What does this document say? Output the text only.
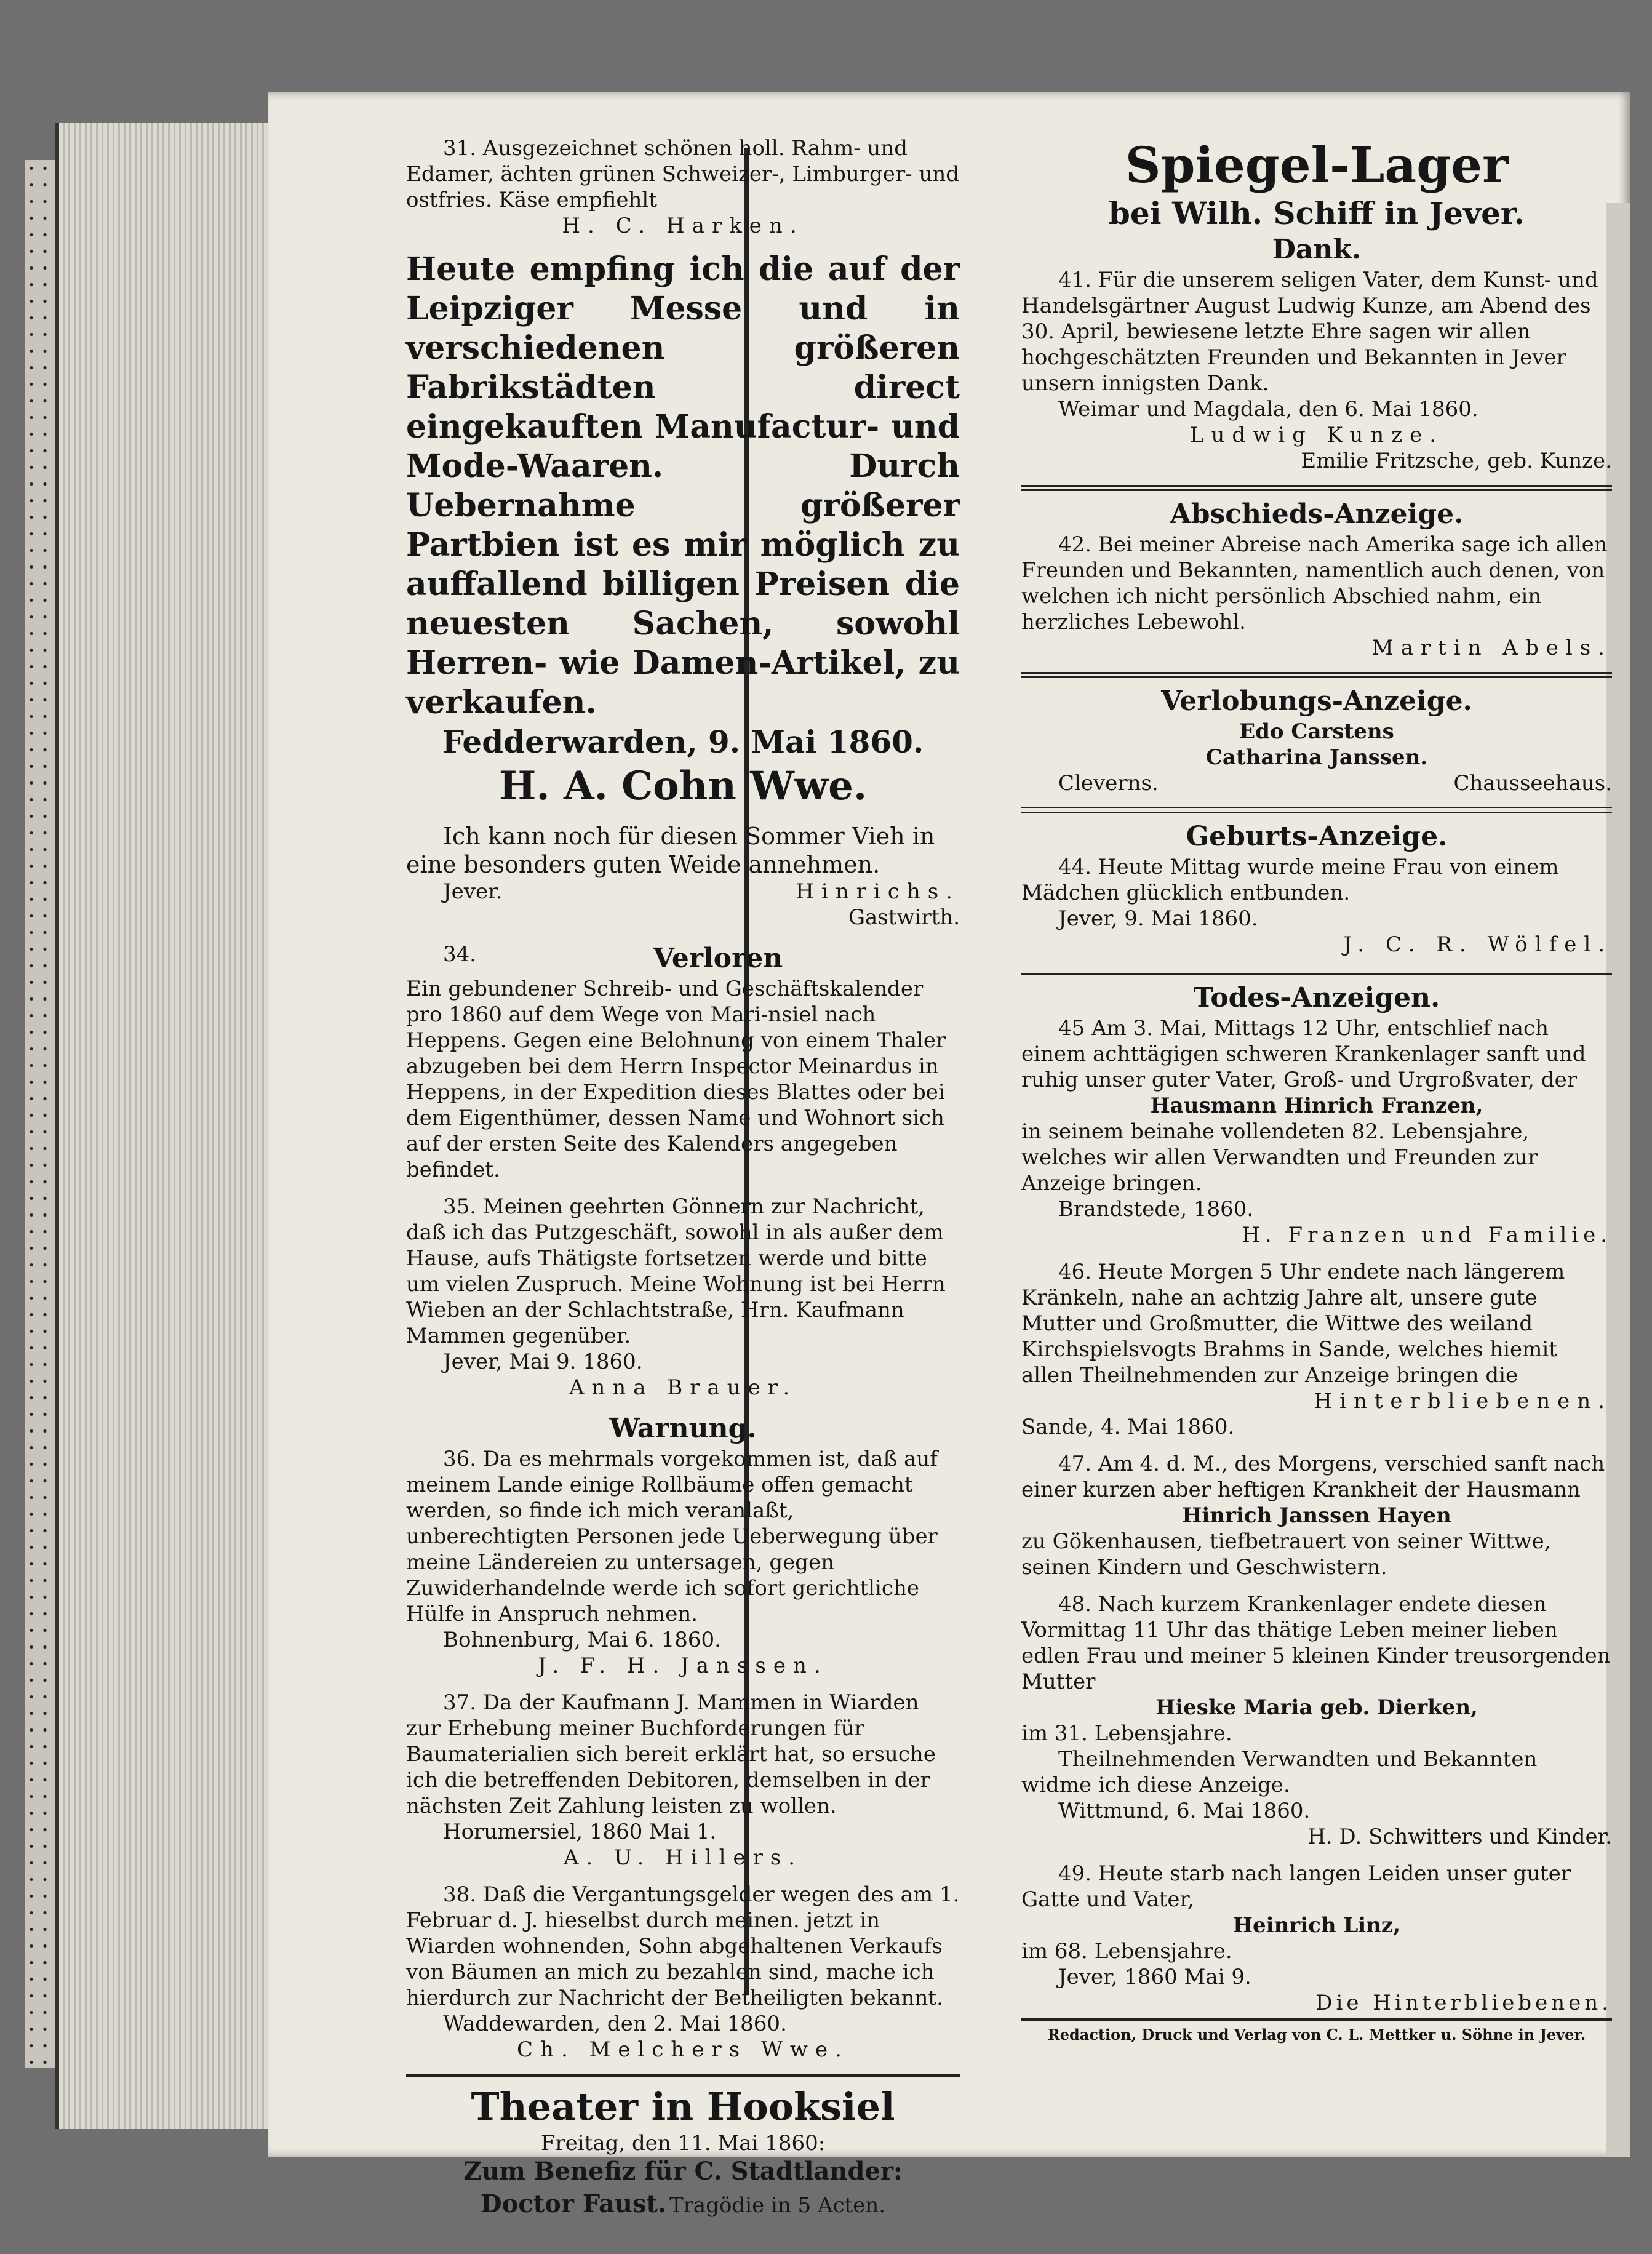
31. Ausgezeichnet schönen holl. Rahm- und Edamer, ächten grünen Schweizer-, Limburger- und ostfries. Käse empfiehlt

H. C. Harken.

Heute empfing ich die auf der Leipziger Messe und in verschiedenen größeren Fabrikstädten direct eingekauften Manufactur- und Mode-Waaren. Durch Uebernahme größerer Partbien ist es mir möglich zu auffallend billigen Preisen die neuesten Sachen, sowohl Herren- wie Damen-Artikel, zu verkaufen.

Fedderwarden, 9. Mai 1860.

H. A. Cohn Wwe.

Ich kann noch für diesen Sommer Vieh in eine besonders guten Weide annehmen.

Jever.	Hinrichs.

Gastwirth.

34.	Verloren

Ein gebundener Schreib- und Geschäftskalender pro 1860 auf dem Wege von Mari-nsiel nach Heppens. Gegen eine Belohnung von einem Thaler abzugeben bei dem Herrn Inspector Meinardus in Heppens, in der Expedition dieses Blattes oder bei dem Eigenthümer, dessen Name und Wohnort sich auf der ersten Seite des Kalenders angegeben befindet.

35. Meinen geehrten Gönnern zur Nachricht, daß ich das Putzgeschäft, sowohl in als außer dem Hause, aufs Thätigste fortsetzen werde und bitte um vielen Zuspruch. Meine Wohnung ist bei Herrn Wieben an der Schlachtstraße, Hrn. Kaufmann Mammen gegenüber.

Jever, Mai 9. 1860.

Anna Brauer.

Warnung.

36. Da es mehrmals vorgekommen ist, daß auf meinem Lande einige Rollbäume offen gemacht werden, so finde ich mich veranlaßt, unberechtigten Personen jede Ueberwegung über meine Ländereien zu untersagen, gegen Zuwiderhandelnde werde ich sofort gerichtliche Hülfe in Anspruch nehmen.

Bohnenburg, Mai 6. 1860.

J. F. H. Janssen.

37. Da der Kaufmann J. Mammen in Wiarden zur Erhebung meiner Buchforderungen für Baumaterialien sich bereit erklärt hat, so ersuche ich die betreffenden Debitoren, demselben in der nächsten Zeit Zahlung leisten zu wollen.

Horumersiel, 1860 Mai 1.

A. U. Hillers.

38. Daß die Vergantungsgelder wegen des am 1. Februar d. J. hieselbst durch meinen. jetzt in Wiarden wohnenden, Sohn abgehaltenen Verkaufs von Bäumen an mich zu bezahlen sind, mache ich hierdurch zur Nachricht der Betheiligten bekannt.

Waddewarden, den 2. Mai 1860.

Ch. Melchers Wwe.

Theater in Hooksiel

Freitag, den 11. Mai 1860:

Zum Benefiz für C. Stadtlander:

Doctor Faust. Tragödie in 5 Acten.

Spiegel-Lager

bei Wilh. Schiff in Jever.

Dank.

41. Für die unserem seligen Vater, dem Kunst- und Handelsgärtner August Ludwig Kunze, am Abend des 30. April, bewiesene letzte Ehre sagen wir allen hochgeschätzten Freunden und Bekannten in Jever unsern innigsten Dank.

Weimar und Magdala, den 6. Mai 1860.

Ludwig Kunze.

Emilie Fritzsche, geb. Kunze.

Abschieds-Anzeige.

42. Bei meiner Abreise nach Amerika sage ich allen Freunden und Bekannten, namentlich auch denen, von welchen ich nicht persönlich Abschied nahm, ein herzliches Lebewohl.

Martin Abels.

Verlobungs-Anzeige.

Edo Carstens

Catharina Janssen.

Cleverns.	Chausseehaus.

Geburts-Anzeige.

44. Heute Mittag wurde meine Frau von einem Mädchen glücklich entbunden.

Jever, 9. Mai 1860.

J. C. R. Wölfel.

Todes-Anzeigen.

45 Am 3. Mai, Mittags 12 Uhr, entschlief nach einem achttägigen schweren Krankenlager sanft und ruhig unser guter Vater, Groß- und Urgroßvater, der

Hausmann Hinrich Franzen,

in seinem beinahe vollendeten 82. Lebensjahre, welches wir allen Verwandten und Freunden zur Anzeige bringen.

Brandstede, 1860.

H. Franzen und Familie.

46. Heute Morgen 5 Uhr endete nach längerem Kränkeln, nahe an achtzig Jahre alt, unsere gute Mutter und Großmutter, die Wittwe des weiland Kirchspielsvogts Brahms in Sande, welches hiemit allen Theilnehmenden zur Anzeige bringen die

Hinterbliebenen.

Sande, 4. Mai 1860.

47. Am 4. d. M., des Morgens, verschied sanft nach einer kurzen aber heftigen Krankheit der Hausmann

Hinrich Janssen Hayen

zu Gökenhausen, tiefbetrauert von seiner Wittwe, seinen Kindern und Geschwistern.

48. Nach kurzem Krankenlager endete diesen Vormittag 11 Uhr das thätige Leben meiner lieben edlen Frau und meiner 5 kleinen Kinder treusorgenden Mutter

Hieske Maria geb. Dierken,

im 31. Lebensjahre.

Theilnehmenden Verwandten und Bekannten widme ich diese Anzeige.

Wittmund, 6. Mai 1860.

H. D. Schwitters und Kinder.

49. Heute starb nach langen Leiden unser guter Gatte und Vater,

Heinrich Linz,

im 68. Lebensjahre.

Jever, 1860 Mai 9.

Die Hinterbliebenen.

Redaction, Druck und Verlag von C. L. Mettker u. Söhne in Jever.
